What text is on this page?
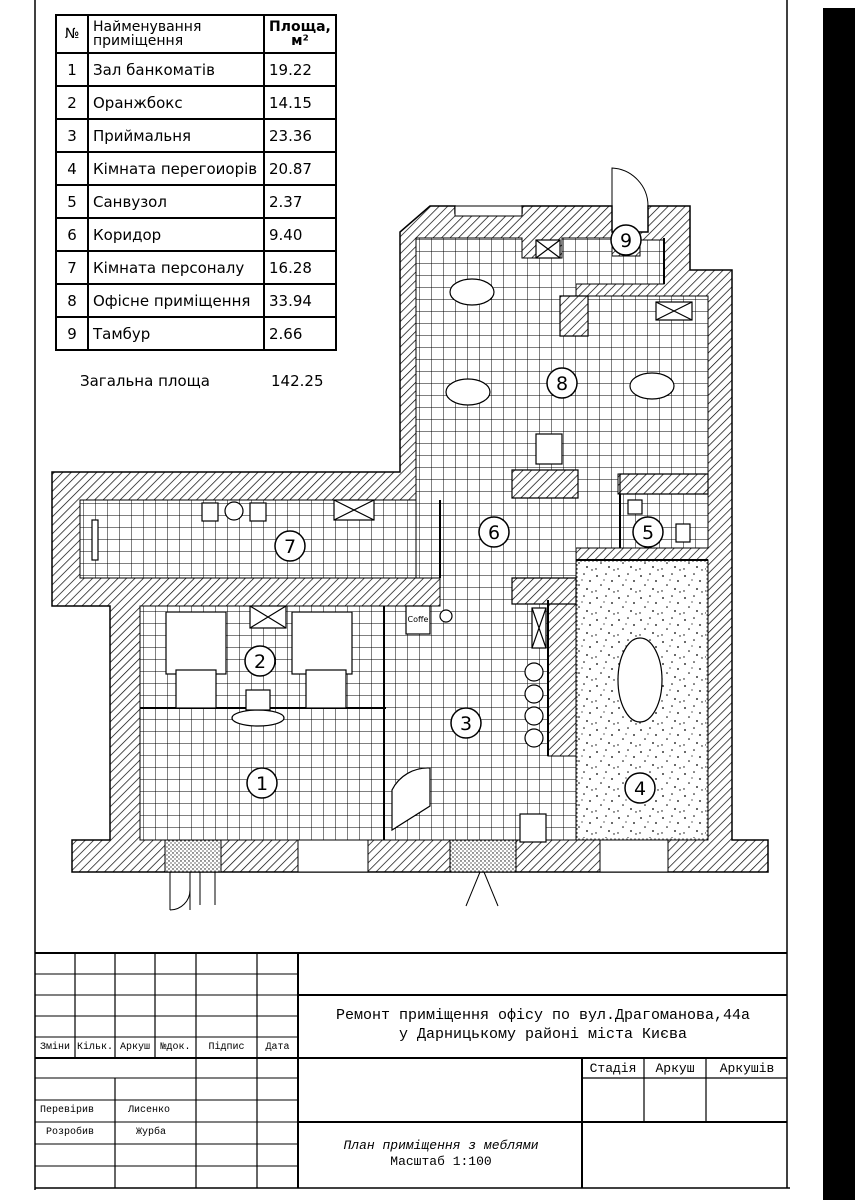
1
2
3
4
5
6
7
8
9
Coffe
№	Найменування приміщення	Площа, м²
1	Зал банкоматів	19.22
2	Оранжбокс	14.15
3	Приймальня	23.36
4	Кімната перегоиорів	20.87
5	Санвузол	2.37
6	Коридор	9.40
7	Кімната персоналу	16.28
8	Офісне приміщення	33.94
9	Тамбур	2.66
Загальна площа	142.25
Зміни Кільк. Аркуш	№док.	Підпис	Дата
Перевірив	Лисенко
Розробив	Журба
Ремонт приміщення офісу по вул.Драгоманова,44а
у Дарницькому районі міста Києва
Стадія	Аркуш	Аркушів
План приміщення з меблями
Масштаб 1:100
